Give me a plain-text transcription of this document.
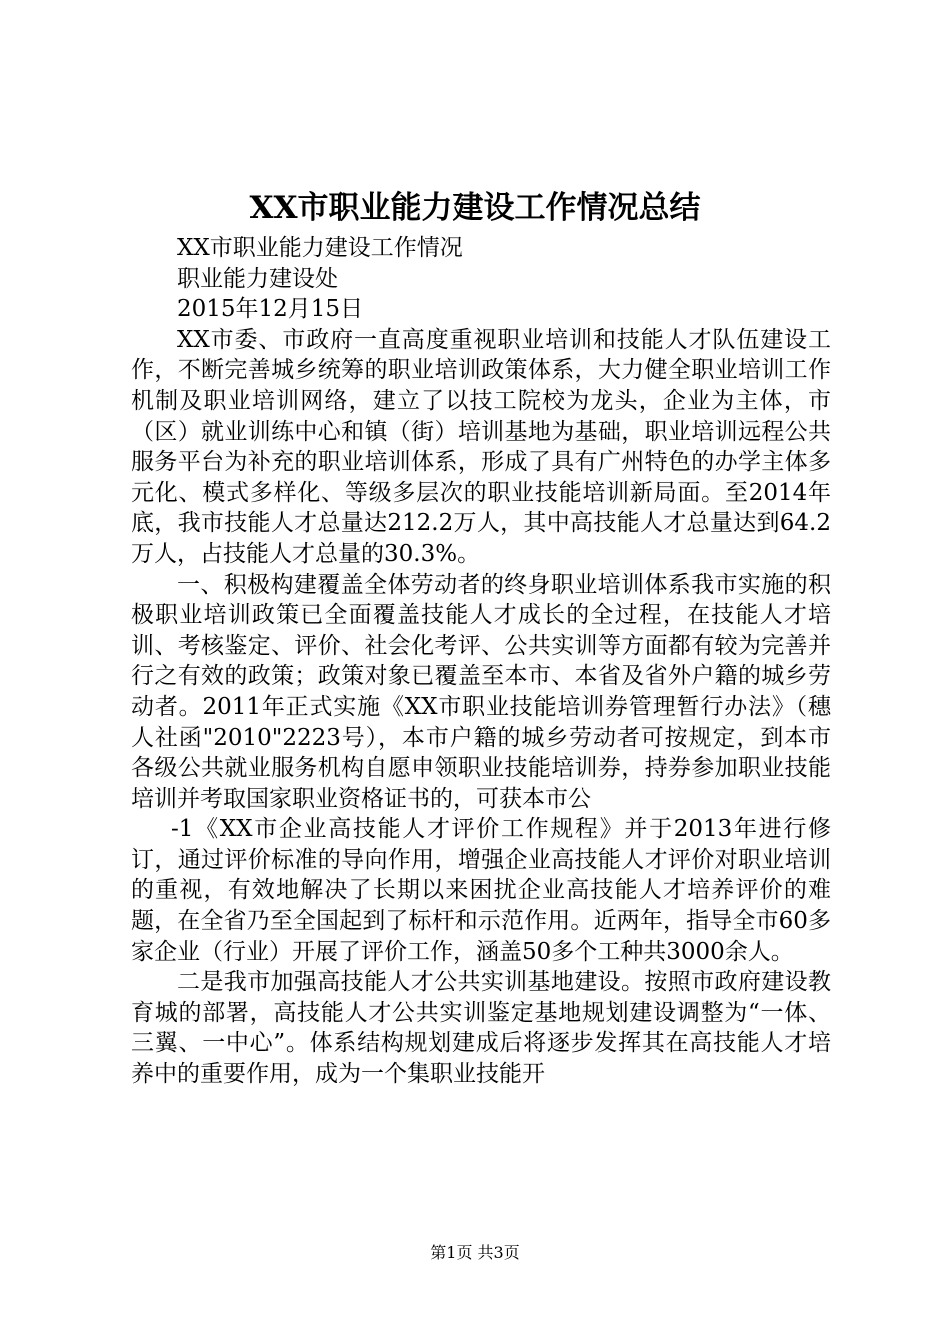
XX市职业能力建设工作情况总结

XX市职业能力建设工作情况

职业能力建设处

2015年12月15日

XX市委、市政府一直高度重视职业培训和技能人才队伍建设工作，不断完善城乡统筹的职业培训政策体系，大力健全职业培训工作机制及职业培训网络，建立了以技工院校为龙头，企业为主体，市（区）就业训练中心和镇（街）培训基地为基础，职业培训远程公共服务平台为补充的职业培训体系，形成了具有广州特色的办学主体多元化、模式多样化、等级多层次的职业技能培训新局面。至2014年底，我市技能人才总量达212.2万人，其中高技能人才总量达到64.2万人，占技能人才总量的30.3%。

一、积极构建覆盖全体劳动者的终身职业培训体系我市实施的积极职业培训政策已全面覆盖技能人才成长的全过程，在技能人才培训、考核鉴定、评价、社会化考评、公共实训等方面都有较为完善并行之有效的政策；政策对象已覆盖至本市、本省及省外户籍的城乡劳动者。2011年正式实施《XX市职业技能培训券管理暂行办法》（穗人社函"2010"2223号），本市户籍的城乡劳动者可按规定，到本市各级公共就业服务机构自愿申领职业技能培训券，持券参加职业技能培训并考取国家职业资格证书的，可获本市公

-1《XX市企业高技能人才评价工作规程》并于2013年进行修订，通过评价标准的导向作用，增强企业高技能人才评价对职业培训的重视，有效地解决了长期以来困扰企业高技能人才培养评价的难题，在全省乃至全国起到了标杆和示范作用。近两年，指导全市60多家企业（行业）开展了评价工作，涵盖50多个工种共3000余人。

二是我市加强高技能人才公共实训基地建设。按照市政府建设教育城的部署，高技能人才公共实训鉴定基地规划建设调整为“一体、三翼、一中心”。体系结构规划建成后将逐步发挥其在高技能人才培养中的重要作用，成为一个集职业技能开

第1页 共3页
